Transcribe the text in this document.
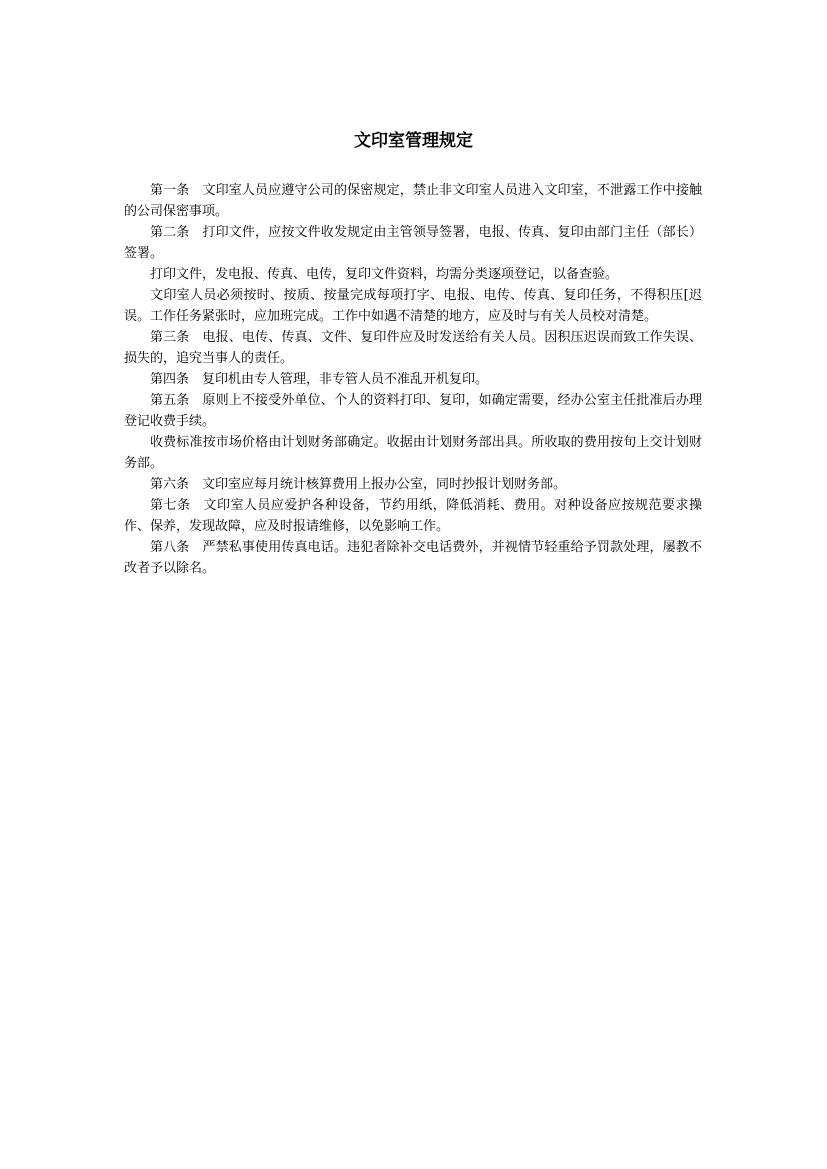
文印室管理规定

第一条 文印室人员应遵守公司的保密规定，禁止非文印室人员进入文印室，不泄露工作中接触的公司保密事项。

第二条 打印文件，应按文件收发规定由主管领导签署，电报、传真、复印由部门主任（部长）签署。

打印文件，发电报、传真、电传，复印文件资料，均需分类逐项登记，以备查验。

文印室人员必须按时、按质、按量完成每项打字、电报、电传、传真、复印任务，不得积压[迟误。工作任务紧张时，应加班完成。工作中如遇不清楚的地方，应及时与有关人员校对清楚。

第三条 电报、电传、传真、文件、复印件应及时发送给有关人员。因积压迟误而致工作失误、损失的，追究当事人的责任。

第四条 复印机由专人管理，非专管人员不准乱开机复印。

第五条 原则上不接受外单位、个人的资料打印、复印，如确定需要，经办公室主任批准后办理登记收费手续。

收费标准按市场价格由计划财务部确定。收据由计划财务部出具。所收取的费用按旬上交计划财务部。

第六条 文印室应每月统计核算费用上报办公室，同时抄报计划财务部。

第七条 文印室人员应爱护各种设备，节约用纸，降低消耗、费用。对种设备应按规范要求操作、保养，发现故障，应及时报请维修，以免影响工作。

第八条 严禁私事使用传真电话。违犯者除补交电话费外，并视情节轻重给予罚款处理，屡教不改者予以除名。
